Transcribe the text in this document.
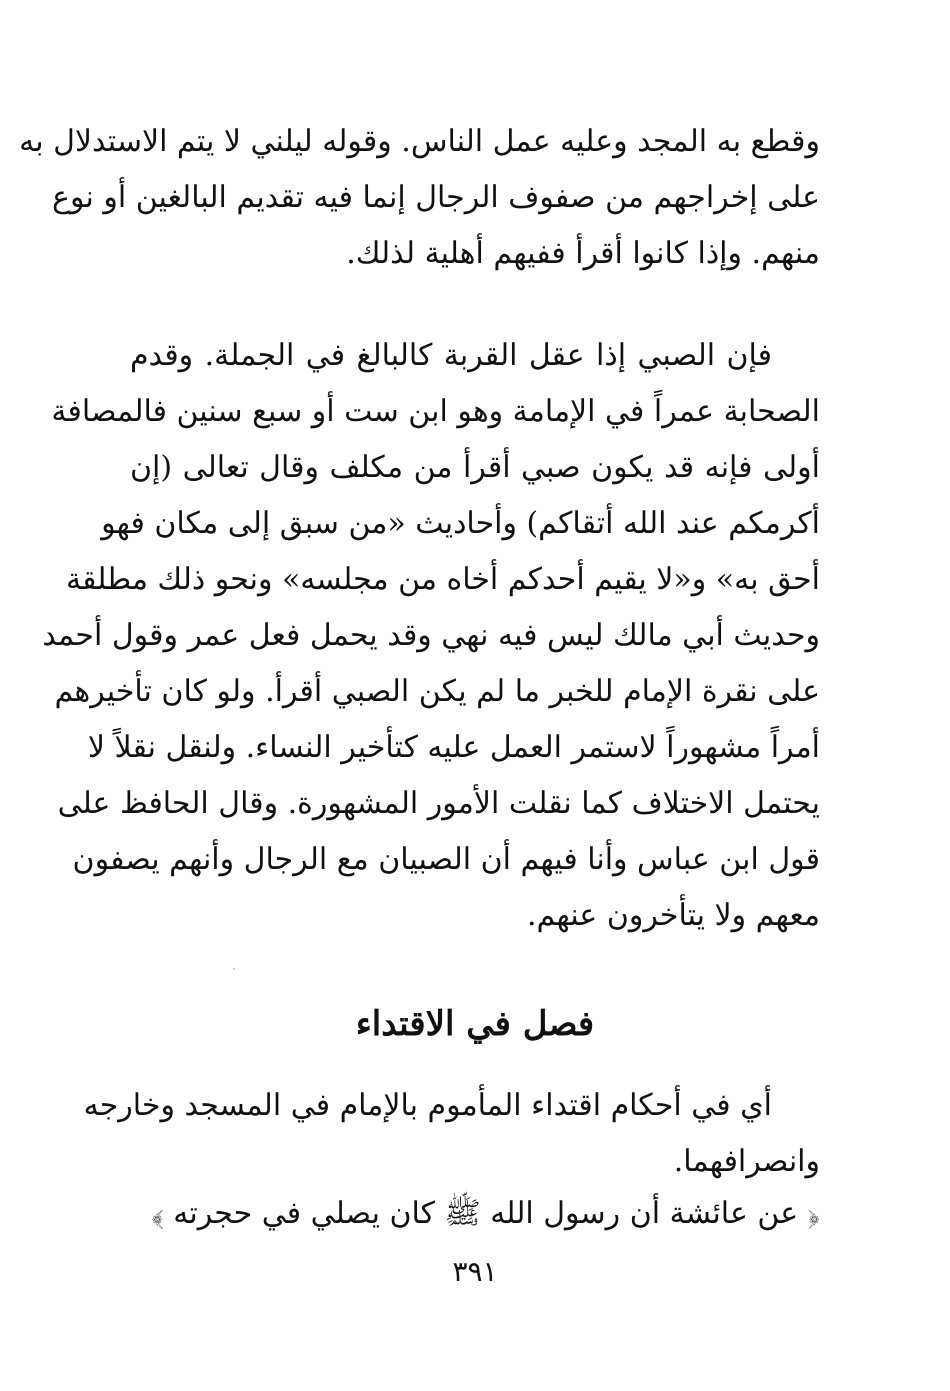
وقطع به المجد وعليه عمل الناس. وقوله ليلني لا يتم الاستدلال به
على إخراجهم من صفوف الرجال إنما فيه تقديم البالغين أو نوع
منهم. وإذا كانوا أقرأ ففيهم أهلية لذلك.
فإن الصبي إذا عقل القربة كالبالغ في الجملة. وقدم
الصحابة عمراً في الإمامة وهو ابن ست أو سبع سنين فالمصافة
أولى فإنه قد يكون صبي أقرأ من مكلف وقال تعالى (إن
أكرمكم عند الله أتقاكم) وأحاديث «من سبق إلى مكان فهو
أحق به» و«لا يقيم أحدكم أخاه من مجلسه» ونحو ذلك مطلقة
وحديث أبي مالك ليس فيه نهي وقد يحمل فعل عمر وقول أحمد
على نقرة الإمام للخبر ما لم يكن الصبي أقرأ. ولو كان تأخيرهم
أمراً مشهوراً لاستمر العمل عليه كتأخير النساء. ولنقل نقلاً لا
يحتمل الاختلاف كما نقلت الأمور المشهورة. وقال الحافظ على
قول ابن عباس وأنا فيهم أن الصبيان مع الرجال وأنهم يصفون
معهم ولا يتأخرون عنهم.
فصل في الاقتداء
أي في أحكام اقتداء المأموم بالإمام في المسجد وخارجه
وانصرافهما.
﴿ عن عائشة أن رسول الله ﷺ كان يصلي في حجرته ﴾
٣٩١
